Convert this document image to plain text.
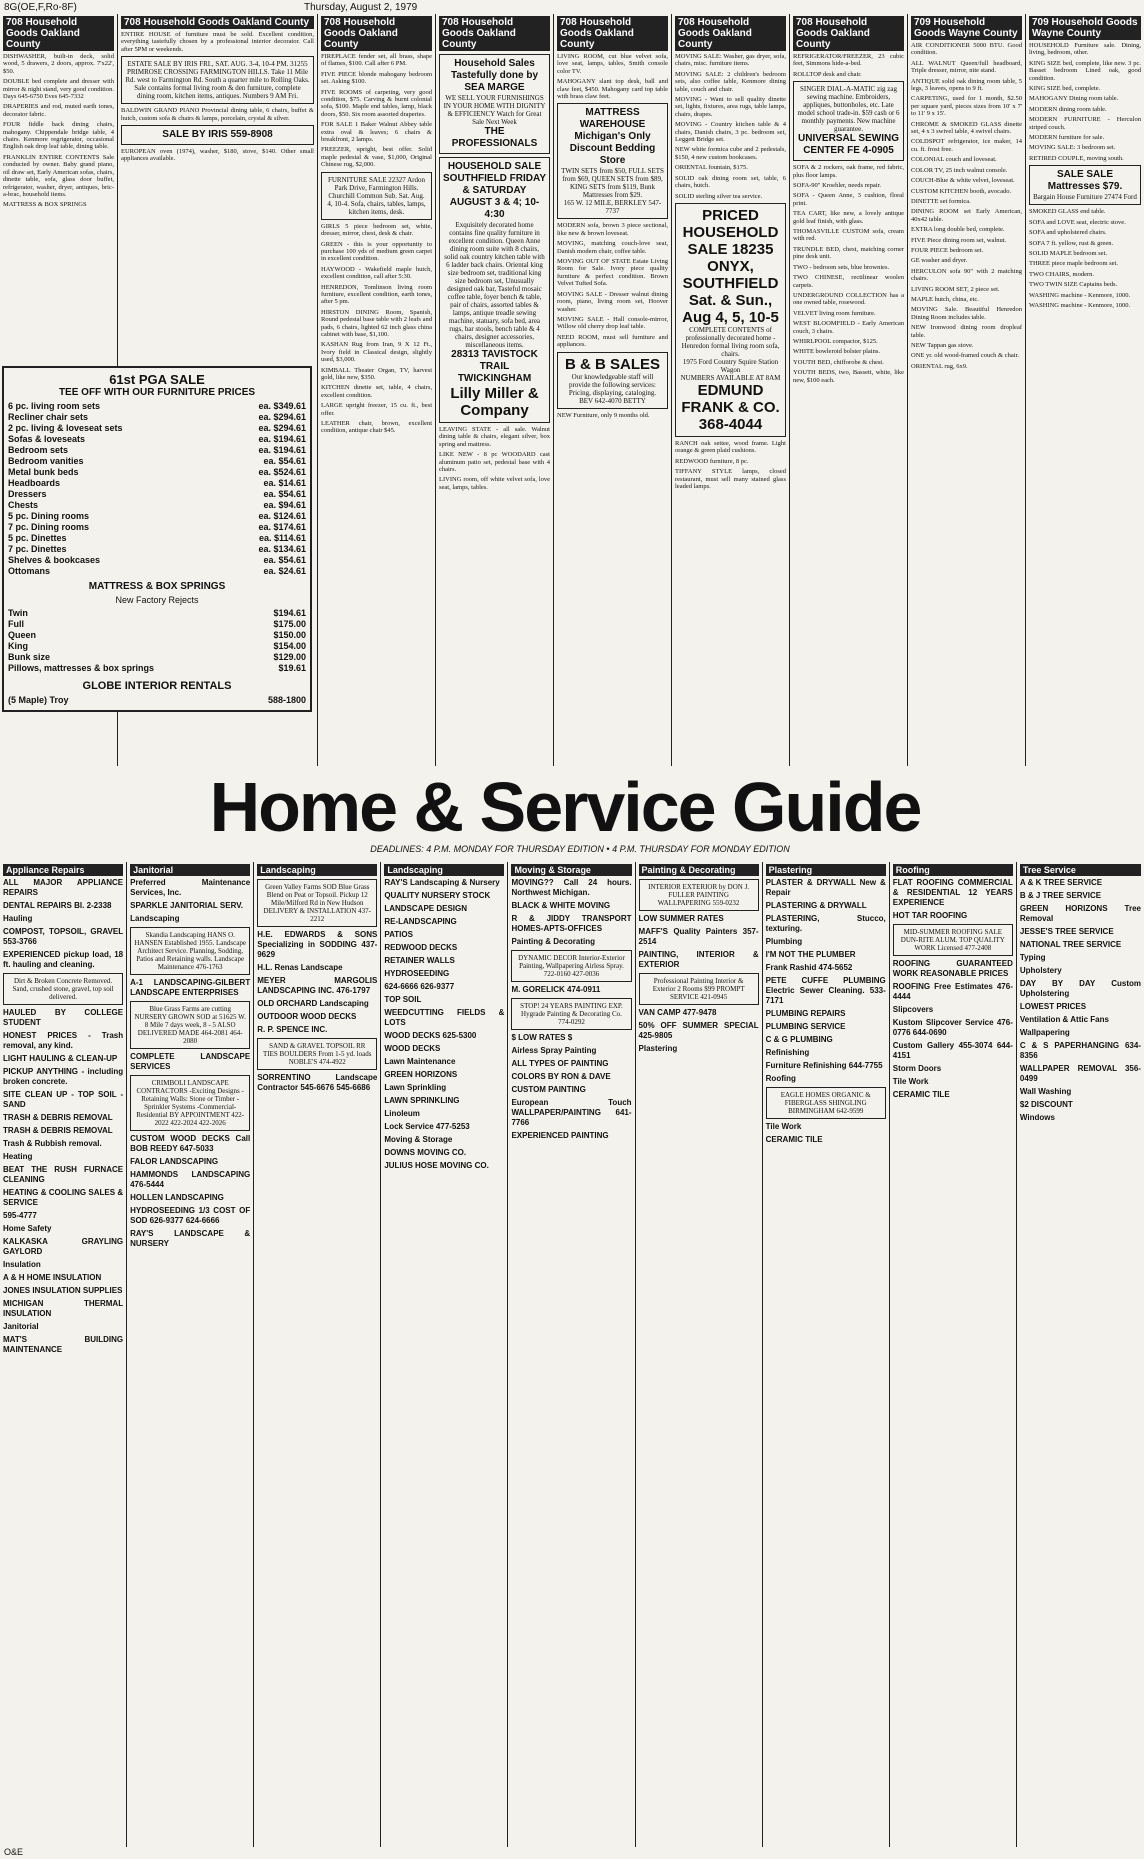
8G(OE,F,Ro-8F)	Thursday, August 2, 1979
708 Household Goods Oakland County
DISHWASHER, built-in deck, solid wood, 5 drawers, 2 doors, approx. 7'x22', $50.
DOUBLE bed complete and dresser with mirror & night stand, very good condition. Days 645-6750 Eves 645-7332
DRAPERIES and rod, muted earth tones, decorator fabric.
FOUR fiddle back dining chairs, mahogany. Chippendale bridge table, 4 chairs. Kenmore regrigerator, occasional English oak drop leaf table, dining table.
FRANKLIN ENTIRE CONTENTS Sale conducted by owner. Baby grand piano, oil draw set, Early American sofas, chairs, dinette table, sofa, glass door buffet, refrigerator, washer, dryer, antiques, bric-a-brac, household items.
MATTRESS & BOX SPRINGS
708 Household Goods Oakland County
ENTIRE HOUSE of furniture must be sold. Excellent condition, everything tastefully chosen by a professional interior decorator. Call after 5PM or weekends.
ESTATE SALE BY IRIS FRI., SAT. AUG. 3-4, 10-4 PM. 31255 PRIMROSE CROSSING FARMINGTON HILLS. Take 11 Mile Rd. west to Farmington Rd. South a quarter mile to Rolling Oaks. Sale contains formal living room & den furniture, complete dining room, kitchen items, antiques. Numbers 9 AM Fri.
BALDWIN GRAND PIANO Provincial dining table, 6 chairs, buffet & hutch, custom sofa & chairs & lamps, porcelain, crystal & silver.
SALE BY IRIS 559-8908
EUROPEAN oven (1974), washer, $180, stove, $140. Other small appliances available.
708 Household Goods Oakland County
FIREPLACE fender set, all brass, shape of flames, $100. Call after 6 PM.
FIVE PIECE blonde mahogany bedroom set. Asking $100.
FIVE ROOMS of carpeting, very good condition, $75. Carving & burnt colonial sofa, $100. Maple end tables, lamp, black doors, $50. Six room assorted draperies.
FOR SALE 1 Baker Walnut Abbey table extra oval & leaves; 6 chairs & breakfront, 2 lamps.
FREEZER, upright, best offer. Solid maple pedestal & vase, $1,000, Original Chinese rug, $2,000.
FURNITURE SALE 22327 Ardon Park Drive, Farmington Hills. Churchill Common Sub. Sat. Aug. 4, 10-4. Sofa, chairs, tables, lamps, kitchen items, desk.
GIRLS 5 piece bedroom set, white, dresser, mirror, chest, desk & chair.
GREEN - this is your opportunity to purchase 100 yds of medium green carpet in excellent condition.
HAYWOOD - Wakefield maple hutch, excellent condition, call after 5:30.
HENREDON, Tomlinson living room furniture, excellent condition, earth tones, after 5 pm.
HIRSTON DINING Room, Spanish, Round pedestal base table with 2 leafs and pads, 6 chairs, lighted 62 inch glass china cabinet with base, $1,100.
KASHAN Rug from Iran, 9 X 12 Ft., Ivory field in Classical design, slightly used, $3,000.
KIMBALL Theater Organ, TV, harvest gold, like new, $350.
KITCHEN dinette set, table, 4 chairs, excellent condition.
LARGE upright freezer, 15 cu. ft., best offer.
LEATHER chair, brown, excellent condition, antique chair $45.
708 Household Goods Oakland County
Household Sales Tastefully done by SEA MARGE
WE SELL YOUR FURNISHINGS IN YOUR HOME WITH DIGNITY & EFFICIENCY Watch for Great Sale Next Week
THE PROFESSIONALS
HOUSEHOLD SALE SOUTHFIELD FRIDAY & SATURDAY AUGUST 3 & 4; 10-4:30
Exquisitely decorated home contains fine quality furniture in excellent condition. Queen Anne dining room suite with 8 chairs, solid oak country kitchen table with 6 ladder back chairs. Oriental king size bedroom set, traditional king size bedroom set, Unusually designed oak bar, Tasteful mosaic coffee table, foyer bench & table, pair of chairs, assorted tables & lamps, antique treadle sewing machine, statuary, sofa bed, area rugs, bar stools, bench table & 4 chairs, designer accessories, miscellaneous items.
28313 TAVISTOCK TRAIL TWICKINGHAM
Lilly Miller & Company
LEAVING STATE - all sale. Walnut dining table & chairs, elegant silver, box spring and mattress.
LIKE NEW - 8 pc WOODARD cast aluminum patio set, pedestal base with 4 chairs.
LIVING room, off white velvet sofa, love seat, lamps, tables.
708 Household Goods Oakland County
LIVING ROOM, cut blue velvet sofa, love seat, lamps, tables, Smith console color TV.
MAHOGANY slant top desk, ball and claw feet, $450. Mahogany card top table with brass claw feet.
MATTRESS WAREHOUSE Michigan's Only Discount Bedding Store
TWIN SETS from $50, FULL SETS from $69, QUEEN SETS from $89, KING SETS from $119, Bunk Mattresses from $29.
165 W. 12 MILE, BERKLEY 547-7737
MODERN sofa, brown 3 piece sectional, like new & brown loveseat.
MOVING, matching couch-love seat, Danish modern chair, coffee table.
MOVING OUT OF STATE Estate Living Room for Sale. Ivory piece quality furniture & perfect condition. Brown Velvet Tufted Sofa.
MOVING SALE - Dresser walnut dining room, piano, living room set, Hoover washer.
MOVING SALE - Hall console-mirror, Willow old cherry drop leaf table.
NEED ROOM, must sell furniture and appliances.
B & B SALES
Our knowledgeable staff will provide the following services: Pricing, displaying, cataloging.
BEV 642-4070 BETTY
NEW Furniture, only 9 months old.
708 Household Goods Oakland County
MOVING SALE: Washer, gas dryer, sofa, chairs, misc. furniture items.
MOVING SALE: 2 children's bedroom sets, also coffee table, Kenmore dining table, couch and chair.
MOVING - Want to sell quality dinette set, lights, fixtures, area rugs, table lamps, chairs, drapes.
MOVING - Country kitchen table & 4 chairs, Danish chairs, 3 pc. bedroom set, Leggett Bridge set.
NEW white formica cube and 2 pedestals, $150, 4 new custom bookcases.
ORIENTAL fountain, $175.
SOLID oak dining room set, table, 6 chairs, hutch.
SOLID sterling silver tea service.
PRICED HOUSEHOLD SALE 18235 ONYX, SOUTHFIELD Sat. & Sun., Aug 4, 5, 10-5
COMPLETE CONTENTS of professionally decorated home - Henredon formal living room sofa, chairs.
1975 Ford Country Squire Station Wagon
NUMBERS AVAILABLE AT 8AM
EDMUND FRANK & CO. 368-4044
RANCH oak settee, wood frame. Light orange & green plaid cushions.
REDWOOD furniture, 8 pc.
TIFFANY STYLE lamps, closed restaurant, must sell many stained glass leaded lamps.
708 Household Goods Oakland County
REFRIGERATOR/FREEZER, 23 cubic feet, Simmons hide-a-bed.
ROLLTOP desk and chair.
SINGER DIAL-A-MATIC zig zag sewing machine. Embroiders, appliques, buttonholes, etc. Late model school trade-in. $59 cash or 6 monthly payments. New machine guarantee.
UNIVERSAL SEWING CENTER FE 4-0905
SOFA & 2 rockers, oak frame, red fabric, plus floor lamps.
SOFA-90" Kroehler, needs repair.
SOFA - Queen Anne, 3 cushion, floral print.
TEA CART, like new, a lovely antique gold leaf finish, with glass.
THOMASVILLE CUSTOM sofa, cream with red.
TRUNDLE BED, chest, matching corner pine desk unit.
TWO - bedroom sets, blue brownies.
TWO CHINESE, rectilinear woolen carpets.
UNDERGROUND COLLECTION has a one owned table, rosewood.
VELVET living room furniture.
WEST BLOOMFIELD - Early American couch, 3 chairs.
WHIRLPOOL compactor, $125.
WHITE bowleroid bolster plains.
YOUTH BED, chifforobe & chest.
YOUTH BEDS, two, Bassett, white, like new, $100 each.
709 Household Goods Wayne County
AIR CONDITIONER 5000 BTU. Good condition.
ALL WALNUT Queen/full headboard, Triple dresser, mirror, nite stand.
ANTIQUE solid oak dining room table, 5 legs, 3 leaves, opens to 9 ft.
CARPETING, used for 1 month, $2.50 per square yard, pieces sizes from 10' x 7' to 11' 9 x 15'.
CHROME & SMOKED GLASS dinette set, 4 x 3 swivel table, 4 swivel chairs.
COLDSPOT refrigerator, ice maker, 14 cu. ft. frost free.
COLONIAL couch and loveseat.
COLOR TV, 25 inch walnut console.
COUCH-Blue & white velvet, loveseat.
CUSTOM KITCHEN booth, avocado.
DINETTE set formica.
DINING ROOM set Early American, 40x42 table.
EXTRA long double bed, complete.
FIVE Piece dining room set, walnut.
FOUR PIECE bedroom set.
GE washer and dryer.
HERCULON sofa 90" with 2 matching chairs.
LIVING ROOM SET, 2 piece set.
MAPLE hutch, china, etc.
MOVING Sale. Beautiful Henredon Dining Room includes table.
NEW Ironwood dining room dropleaf table.
NEW Tappan gas stove.
ONE yr. old wood-framed couch & chair.
ORIENTAL rug, 6x9.
709 Household Goods Wayne County
HOUSEHOLD Furniture sale. Dining, living, bedroom, other.
KING SIZE bed, complete, like new. 3 pc. Basset bedroom Lined oak, good condition.
KING SIZE bed, complete.
MAHOGANY Dining room table.
MODERN dining room table.
MODERN FURNITURE - Herculon striped couch.
MODERN furniture for sale.
MOVING SALE: 3 bedroom set.
RETIRED COUPLE, moving south.
SALE SALE Mattresses $79.
Bargain House Furniture 27474 Ford
SMOKED GLASS end table.
SOFA and LOVE seat, electric stove.
SOFA and upholstered chairs.
SOFA 7 ft. yellow, rust & green.
SOLID MAPLE bedroom set.
THREE piece maple bedroom set.
TWO CHAIRS, modern.
TWO TWIN SIZE Captains beds.
WASHING machine - Kenmore, 1000.
WASHING machine - Kenmore, 1000.
61st PGA SALE
TEE OFF WITH OUR FURNITURE PRICES
6 pc. living room sets	ea. $349.61
Recliner chair sets	ea. $294.61
2 pc. living & loveseat sets	ea. $294.61
Sofas & loveseats	ea. $194.61
Bedroom sets	ea. $194.61
Bedroom vanities	ea. $54.61
Metal bunk beds	ea. $524.61
Headboards	ea. $14.61
Dressers	ea. $54.61
Chests	ea. $94.61
5 pc. Dining rooms	ea. $124.61
7 pc. Dining rooms	ea. $174.61
5 pc. Dinettes	ea. $114.61
7 pc. Dinettes	ea. $134.61
Shelves & bookcases	ea. $54.61
Ottomans	ea. $24.61
MATTRESS & BOX SPRINGS
New Factory Rejects
Twin	$194.61
Full	$175.00
Queen	$150.00
King	$154.00
Bunk size	$129.00
Pillows, mattresses & box springs	$19.61
GLOBE INTERIOR RENTALS
(5 Maple) Troy	588-1800
Home & Service Guide
DEADLINES: 4 P.M. MONDAY FOR THURSDAY EDITION • 4 P.M. THURSDAY FOR MONDAY EDITION
Appliance Repairs
ALL MAJOR APPLIANCE REPAIRS
DENTAL REPAIRS Bl. 2-2338
Hauling
COMPOST, TOPSOIL, GRAVEL 553-3766
EXPERIENCED pickup load, 18 ft. hauling and cleaning.
Dirt & Broken Concrete Removed. Sand, crushed stone, gravel, top soil delivered.
HAULED BY COLLEGE STUDENT
HONEST PRICES - Trash removal, any kind.
LIGHT HAULING & CLEAN-UP
PICKUP ANYTHING - including broken concrete.
SITE CLEAN UP - TOP SOIL - SAND
TRASH & DEBRIS REMOVAL
TRASH & DEBRIS REMOVAL
Trash & Rubbish removal.
Heating
BEAT THE RUSH FURNACE CLEANING
HEATING & COOLING SALES & SERVICE
595-4777
Home Safety
KALKASKA GRAYLING GAYLORD
Insulation
A & H HOME INSULATION
JONES INSULATION SUPPLIES
MICHIGAN THERMAL INSULATION
Janitorial
MAT'S BUILDING MAINTENANCE
Janitorial
Preferred Maintenance Services, Inc.
SPARKLE JANITORIAL SERV.
Landscaping
Skandia Landscaping HANS O. HANSEN Established 1955. Landscape Architect Service. Planning, Sodding, Patios and Retaining walls. Landscape Maintenance 476-1763
A-1 LANDSCAPING-GILBERT LANDSCAPE ENTERPRISES
Blue Grass Farms are cutting NURSERY GROWN SOD at 51625 W. 8 Mile 7 days week, 8 - 5 ALSO DELIVERED MADE 464-2081 464-2080
COMPLETE LANDSCAPE SERVICES
CRIMBOLI LANDSCAPE CONTRACTORS -Exciting Designs -Retaining Walls: Stone or Timber -Sprinkler Systems -Commercial-Residential BY APPOINTMENT 422-2022 422-2024 422-2026
CUSTOM WOOD DECKS Call BOB REEDY 647-5033
FALOR LANDSCAPING
HAMMONDS LANDSCAPING 476-5444
HOLLEN LANDSCAPING
HYDROSEEDING 1/3 COST OF SOD 626-9377 624-6666
RAY'S LANDSCAPE & NURSERY
Landscaping
Green Valley Farms SOD Blue Grass Blend on Peat or Topsoil. Pickup 12 Mile/Milford Rd in New Hudson DELIVERY & INSTALLATION 437-2212
H.E. EDWARDS & SONS Specializing in SODDING 437-9629
H.L. Renas Landscape
MEYER MARGOLIS LANDSCAPING INC. 476-1797
OLD ORCHARD Landscaping
OUTDOOR WOOD DECKS
R. P. SPENCE INC.
SAND & GRAVEL TOPSOIL RR TIES BOULDERS From 1-5 yd. loads NOBLE'S 474-4922
SORRENTINO Landscape Contractor 545-6676 545-6686
Landscaping
RAY'S Landscaping & Nursery
QUALITY NURSERY STOCK
LANDSCAPE DESIGN
RE-LANDSCAPING
PATIOS
REDWOOD DECKS
RETAINER WALLS
HYDROSEEDING
624-6666 626-9377
TOP SOIL
WEEDCUTTING FIELDS & LOTS
WOOD DECKS 625-5300
WOOD DECKS
Lawn Maintenance
GREEN HORIZONS
Lawn Sprinkling
LAWN SPRINKLING
Linoleum
Lock Service 477-5253
Moving & Storage
DOWNS MOVING CO.
JULIUS HOSE MOVING CO.
Moving & Storage
MOVING?? Call 24 hours. Northwest Michigan.
BLACK & WHITE MOVING
R & JIDDY TRANSPORT HOMES-APTS-OFFICES
Painting & Decorating
DYNAMIC DECOR Interior-Exterior Painting, Wallpapering Airless Spray. 722-0160 427-0036
M. GORELICK 474-0911
STOP! 24 YEARS PAINTING EXP. Hygrade Painting & Decorating Co. 774-0292
$ LOW RATES $
Airless Spray Painting
ALL TYPES OF PAINTING
COLORS BY RON & DAVE
CUSTOM PAINTING
European Touch WALLPAPER/PAINTING 641-7766
EXPERIENCED PAINTING
Painting & Decorating
INTERIOR EXTERIOR by DON J. FULLER PAINTING WALLPAPERING 559-0232
LOW SUMMER RATES
MAFF'S Quality Painters 357-2514
PAINTING, INTERIOR & EXTERIOR
Professional Painting Interior & Exterior 2 Rooms $99 PROMPT SERVICE 421-0945
VAN CAMP 477-9478
50% OFF SUMMER SPECIAL 425-9805
Plastering
Plastering
PLASTER & DRYWALL New & Repair
PLASTERING & DRYWALL
PLASTERING, Stucco, texturing.
Plumbing
I'M NOT THE PLUMBER
Frank Rashid 474-5652
PETE CUFFE PLUMBING Electric Sewer Cleaning. 533-7171
PLUMBING REPAIRS
PLUMBING SERVICE
C & G PLUMBING
Refinishing
Furniture Refinishing 644-7755
Roofing
EAGLE HOMES ORGANIC & FIBERGLASS SHINGLING BIRMINGHAM 642-9599
Tile Work
CERAMIC TILE
Roofing
FLAT ROOFING COMMERCIAL & RESIDENTIAL 12 YEARS EXPERIENCE
HOT TAR ROOFING
MID-SUMMER ROOFING SALE DUN-RITE ALUM. TOP QUALITY WORK Licensed 477-2408
ROOFING GUARANTEED WORK REASONABLE PRICES
ROOFING Free Estimates 476-4444
Slipcovers
Kustom Slipcover Service 476-0776 644-0690
Custom Gallery 455-3074 644-4151
Storm Doors
Tile Work
CERAMIC TILE
Tree Service
A & K TREE SERVICE
B & J TREE SERVICE
GREEN HORIZONS Tree Removal
JESSE'S TREE SERVICE
NATIONAL TREE SERVICE
Typing
Upholstery
DAY BY DAY Custom Upholstering
LOWEST PRICES
Ventilation & Attic Fans
Wallpapering
C & S PAPERHANGING 634-8356
WALLPAPER REMOVAL 356-0499
Wall Washing
$2 DISCOUNT
Windows
O&E
